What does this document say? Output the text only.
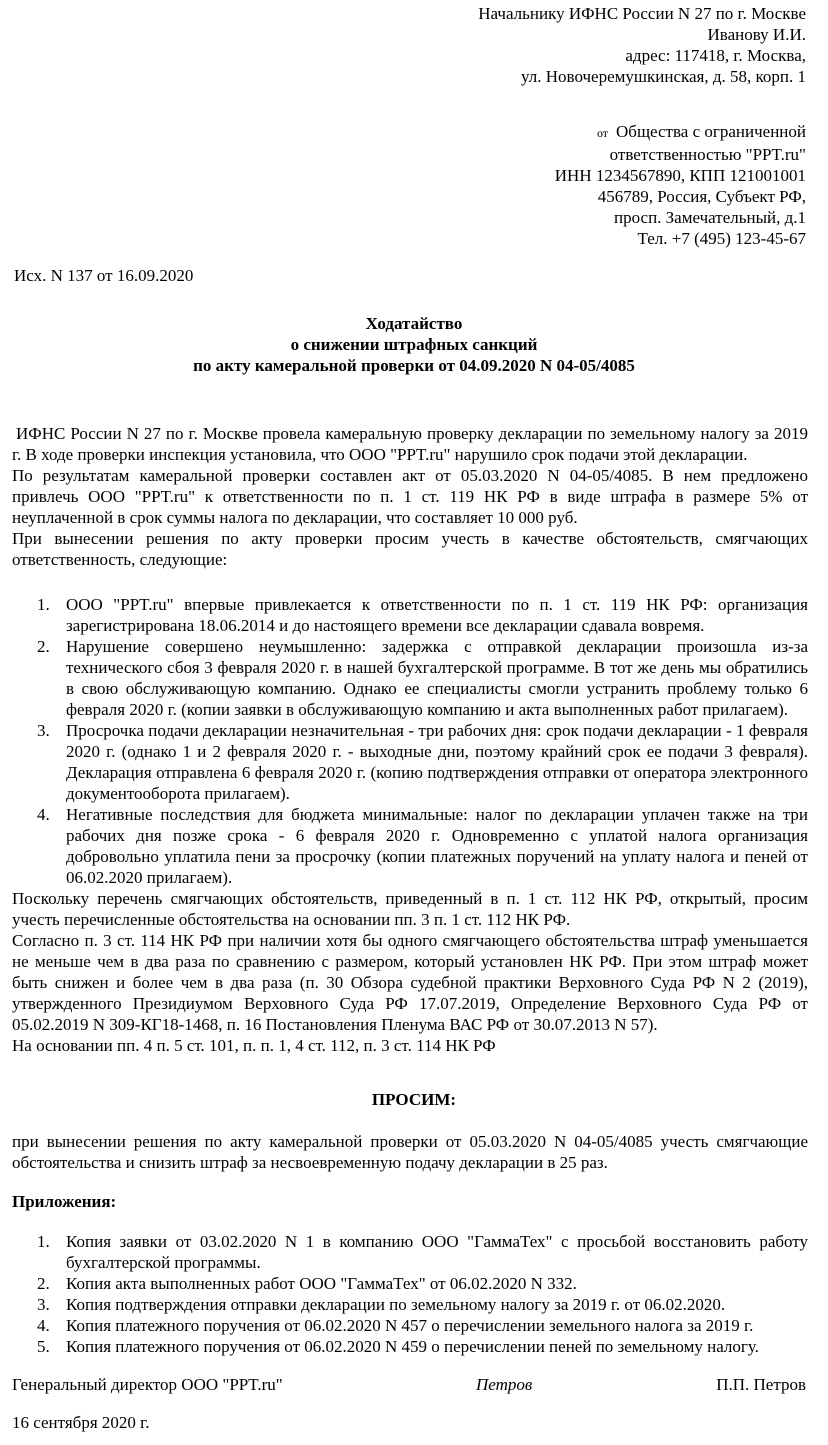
Начальнику ИФНС России N 27 по г. Москве
Иванову И.И.
адрес: 117418, г. Москва,
ул. Новочеремушкинская, д. 58, корп. 1
от Общества с ограниченной
ответственностью "PPT.ru"
ИНН 1234567890, КПП 121001001
456789, Россия, Субъект РФ,
просп. Замечательный, д.1
Тел. +7 (495) 123-45-67
Исх. N 137 от 16.09.2020
Ходатайство
о снижении штрафных санкций
по акту камеральной проверки от 04.09.2020 N 04-05/4085

ИФНС России N 27 по г. Москве провела камеральную проверку декларации по земельному налогу за 2019 г. В ходе проверки инспекция установила, что ООО "PPT.ru" нарушило срок подачи этой декларации.

По результатам камеральной проверки составлен акт от 05.03.2020 N 04-05/4085. В нем предложено привлечь ООО "PPT.ru" к ответственности по п. 1 ст. 119 НК РФ в виде штрафа в размере 5% от неуплаченной в срок суммы налога по декларации, что составляет 10 000 руб.

При вынесении решения по акту проверки просим учесть в качестве обстоятельств, смягчающих ответственность, следующие:

1. ООО "PPT.ru" впервые привлекается к ответственности по п. 1 ст. 119 НК РФ: организация зарегистрирована 18.06.2014 и до настоящего времени все декларации сдавала вовремя.
2. Нарушение совершено неумышленно: задержка с отправкой декларации произошла из-за технического сбоя 3 февраля 2020 г. в нашей бухгалтерской программе. В тот же день мы обратились в свою обслуживающую компанию. Однако ее специалисты смогли устранить проблему только 6 февраля 2020 г. (копии заявки в обслуживающую компанию и акта выполненных работ прилагаем).
3. Просрочка подачи декларации незначительная - три рабочих дня: срок подачи декларации - 1 февраля 2020 г. (однако 1 и 2 февраля 2020 г. - выходные дни, поэтому крайний срок ее подачи 3 февраля). Декларация отправлена 6 февраля 2020 г. (копию подтверждения отправки от оператора электронного документооборота прилагаем).
4. Негативные последствия для бюджета минимальные: налог по декларации уплачен также на три рабочих дня позже срока - 6 февраля 2020 г. Одновременно с уплатой налога организация добровольно уплатила пени за просрочку (копии платежных поручений на уплату налога и пеней от 06.02.2020 прилагаем).

Поскольку перечень смягчающих обстоятельств, приведенный в п. 1 ст. 112 НК РФ, открытый, просим учесть перечисленные обстоятельства на основании пп. 3 п. 1 ст. 112 НК РФ.

Согласно п. 3 ст. 114 НК РФ при наличии хотя бы одного смягчающего обстоятельства штраф уменьшается не меньше чем в два раза по сравнению с размером, который установлен НК РФ. При этом штраф может быть снижен и более чем в два раза (п. 30 Обзора судебной практики Верховного Суда РФ N 2 (2019), утвержденного Президиумом Верховного Суда РФ 17.07.2019, Определение Верховного Суда РФ от 05.02.2019 N 309-КГ18-1468, п. 16 Постановления Пленума ВАС РФ от 30.07.2013 N 57).

На основании пп. 4 п. 5 ст. 101, п. п. 1, 4 ст. 112, п. 3 ст. 114 НК РФ

ПРОСИМ:
при вынесении решения по акту камеральной проверки от 05.03.2020 N 04-05/4085 учесть смягчающие обстоятельства и снизить штраф за несвоевременную подачу декларации в 25 раз.
Приложения:
1. Копия заявки от 03.02.2020 N 1 в компанию ООО "ГаммаТех" с просьбой восстановить работу бухгалтерской программы.
2. Копия акта выполненных работ ООО "ГаммаТех" от 06.02.2020 N 332.
3. Копия подтверждения отправки декларации по земельному налогу за 2019 г. от 06.02.2020.
4. Копия платежного поручения от 06.02.2020 N 457 о перечислении земельного налога за 2019 г.
5. Копия платежного поручения от 06.02.2020 N 459 о перечислении пеней по земельному налогу.
Генеральный директор ООО "PPT.ru"	Петров	П.П. Петров
16 сентября 2020 г.
